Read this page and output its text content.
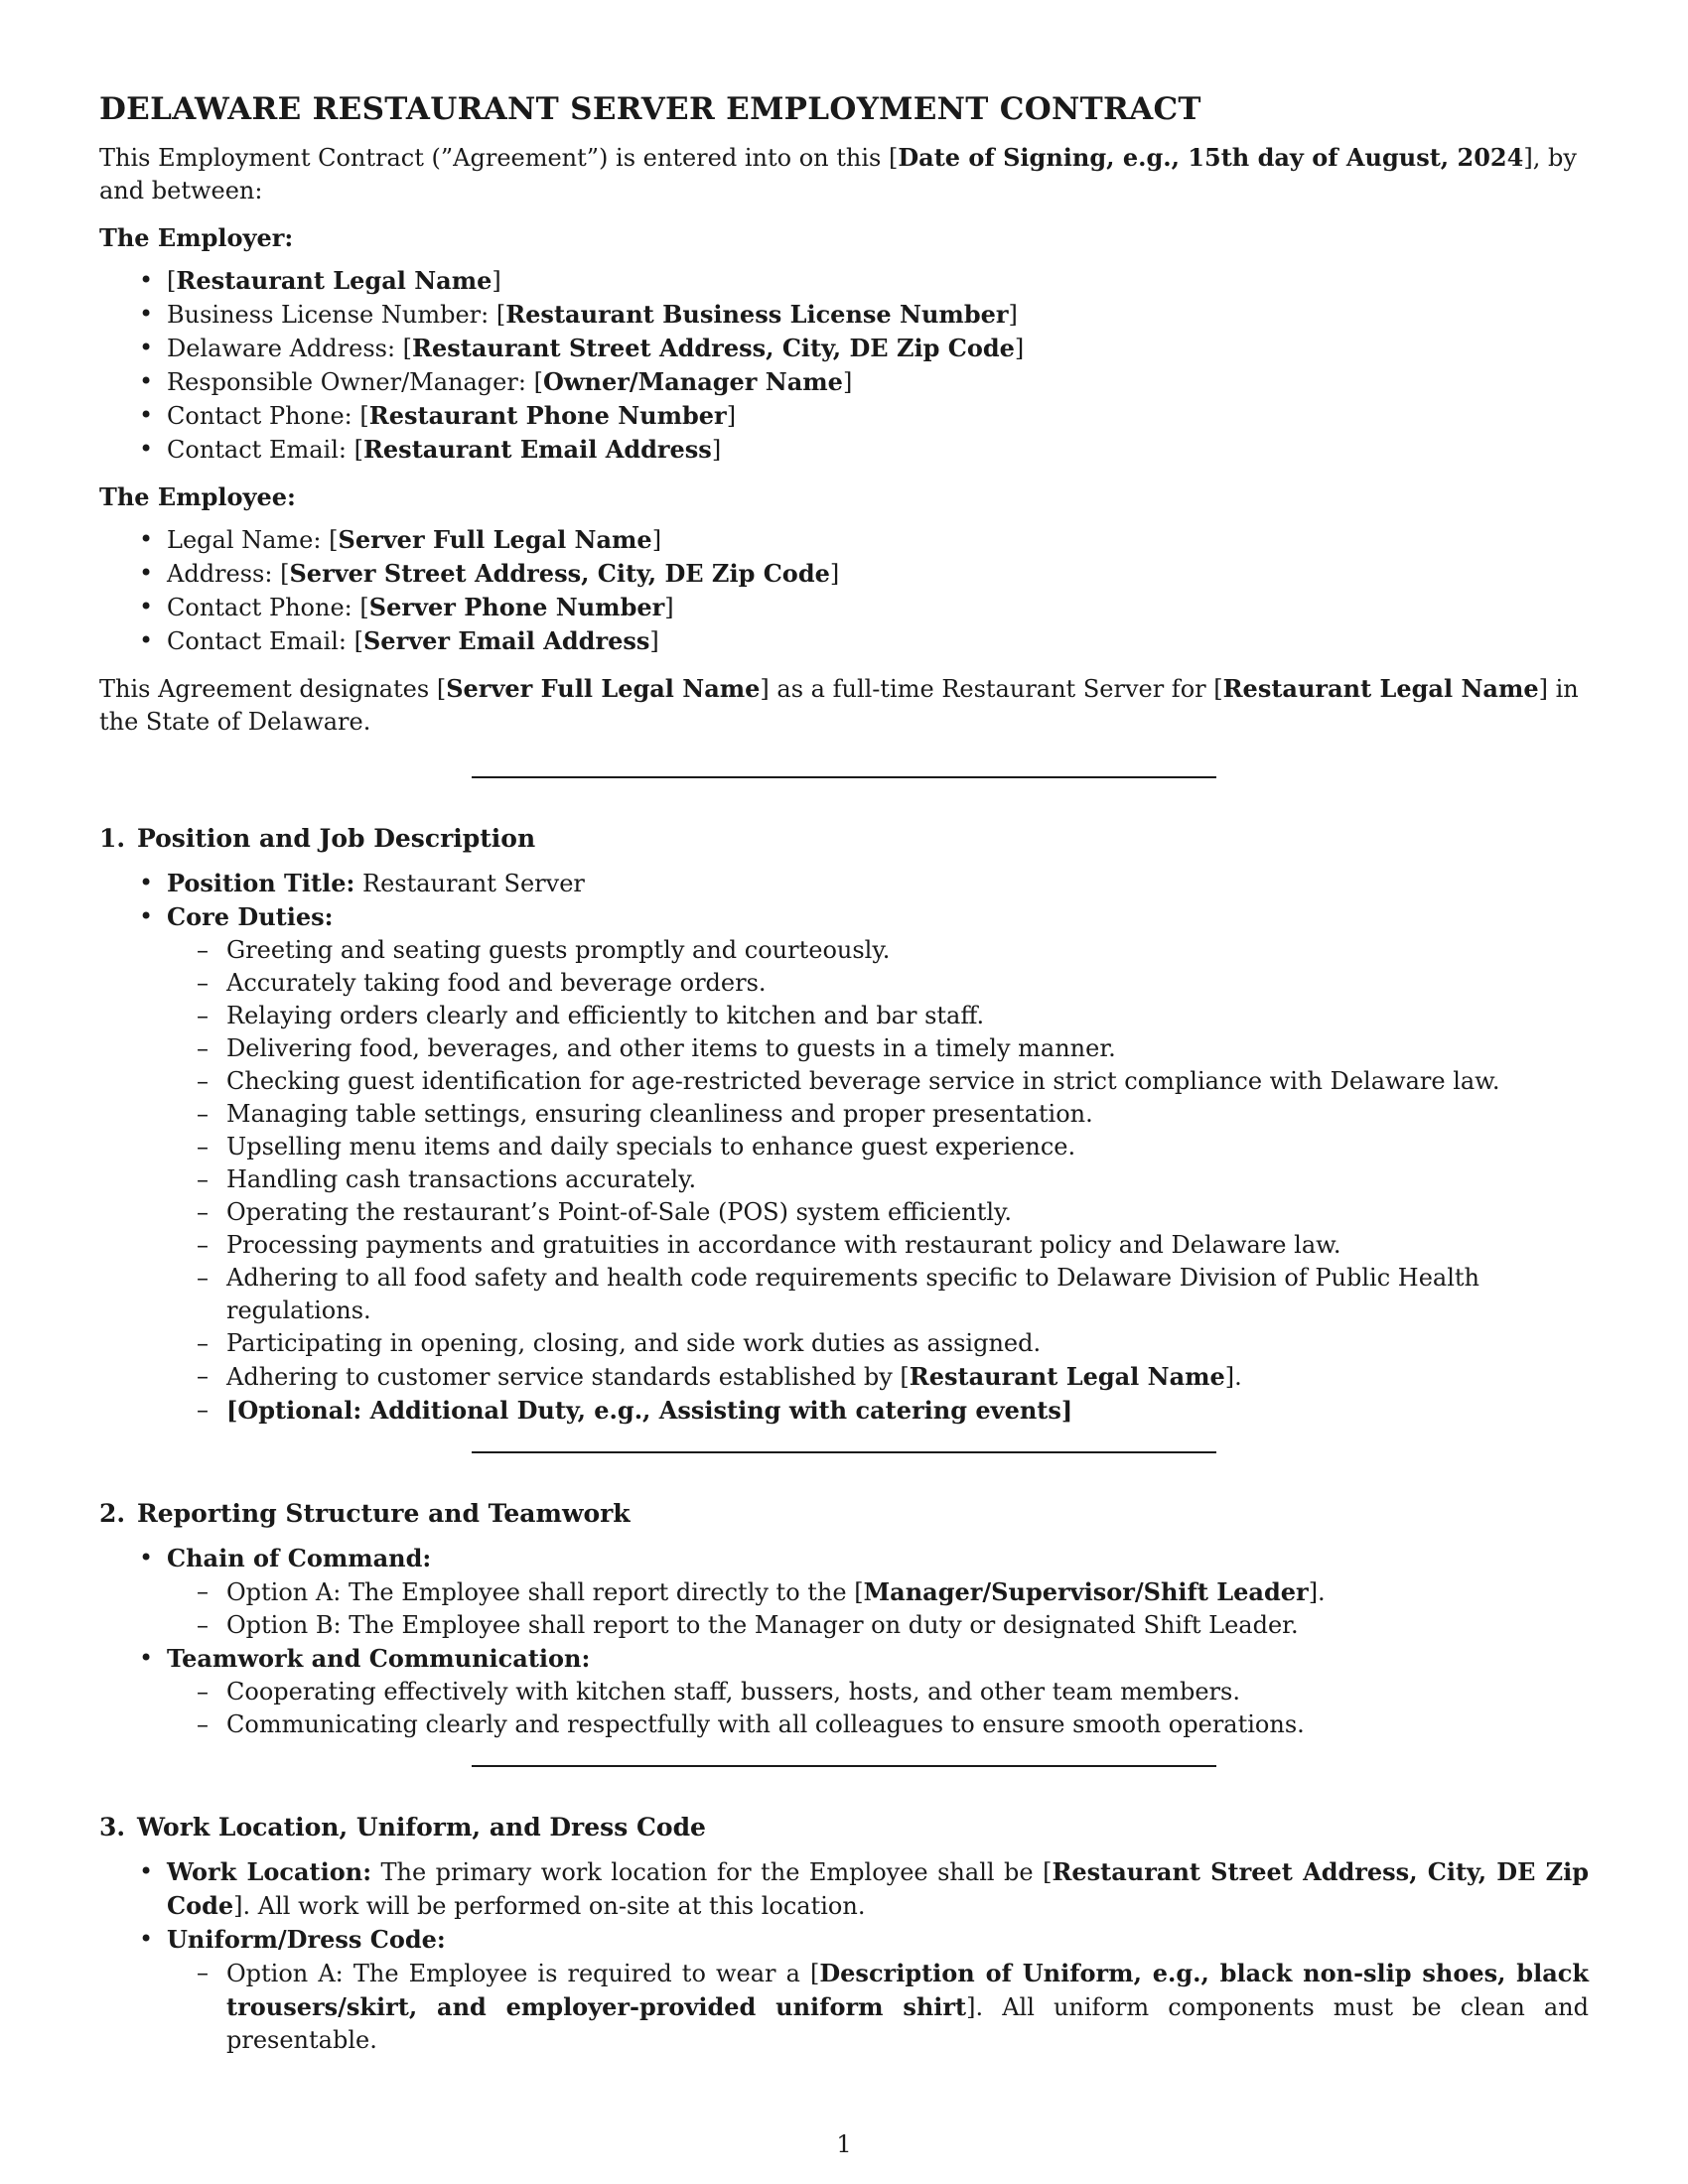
DELAWARE RESTAURANT SERVER EMPLOYMENT CONTRACT

This Employment Contract (”Agreement”) is entered into on this [Date of Signing, e.g., 15th day of August, 2024], by and between:

The Employer:
• [Restaurant Legal Name]
• Business License Number: [Restaurant Business License Number]
• Delaware Address: [Restaurant Street Address, City, DE Zip Code]
• Responsible Owner/Manager: [Owner/Manager Name]
• Contact Phone: [Restaurant Phone Number]
• Contact Email: [Restaurant Email Address]
The Employee:
• Legal Name: [Server Full Legal Name]
• Address: [Server Street Address, City, DE Zip Code]
• Contact Phone: [Server Phone Number]
• Contact Email: [Server Email Address]

This Agreement designates [Server Full Legal Name] as a full-time Restaurant Server for [Restaurant Legal Name] in the State of Delaware.

1. Position and Job Description
• Position Title: Restaurant Server
• Core Duties:
– Greeting and seating guests promptly and courteously.
– Accurately taking food and beverage orders.
– Relaying orders clearly and efficiently to kitchen and bar staff.
– Delivering food, beverages, and other items to guests in a timely manner.
– Checking guest identification for age-restricted beverage service in strict compliance with Delaware law.
– Managing table settings, ensuring cleanliness and proper presentation.
– Upselling menu items and daily specials to enhance guest experience.
– Handling cash transactions accurately.
– Operating the restaurant’s Point-of-Sale (POS) system efficiently.
– Processing payments and gratuities in accordance with restaurant policy and Delaware law.
– Adhering to all food safety and health code requirements specific to Delaware Division of Public Health regulations.
– Participating in opening, closing, and side work duties as assigned.
– Adhering to customer service standards established by [Restaurant Legal Name].
– [Optional: Additional Duty, e.g., Assisting with catering events]
2. Reporting Structure and Teamwork
• Chain of Command:
– Option A: The Employee shall report directly to the [Manager/Supervisor/Shift Leader].
– Option B: The Employee shall report to the Manager on duty or designated Shift Leader.
• Teamwork and Communication:
– Cooperating effectively with kitchen staff, bussers, hosts, and other team members.
– Communicating clearly and respectfully with all colleagues to ensure smooth operations.
3. Work Location, Uniform, and Dress Code
• Work Location: The primary work location for the Employee shall be [Restaurant Street Address, City, DE Zip Code]. All work will be performed on-site at this location.
• Uniform/Dress Code:
– Option A: The Employee is required to wear a [Description of Uniform, e.g., black non-slip shoes, black trousers/skirt, and employer-provided uniform shirt]. All uniform components must be clean and presentable.
1
